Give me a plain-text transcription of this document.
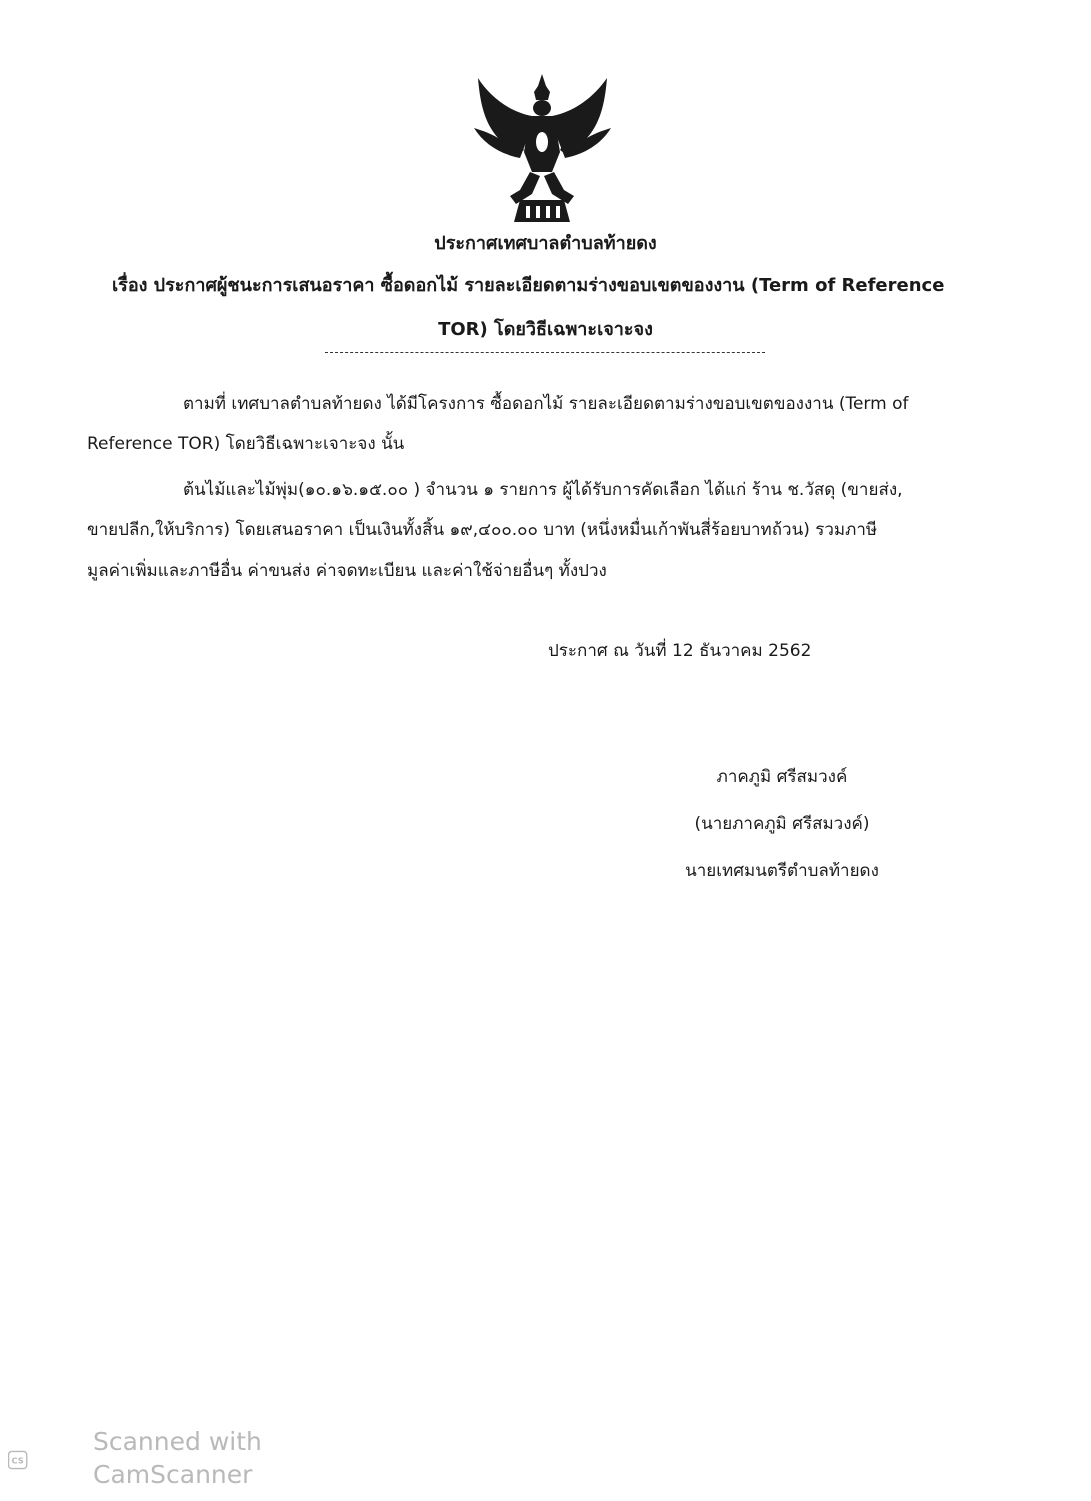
ประกาศเทศบาลตำบลท้ายดง
เรื่อง ประกาศผู้ชนะการเสนอราคา ซื้อดอกไม้ รายละเอียดตามร่างขอบเขตของงาน (Term of Reference
TOR) โดยวิธีเฉพาะเจาะจง
ตามที่ เทศบาลตำบลท้ายดง ได้มีโครงการ ซื้อดอกไม้ รายละเอียดตามร่างขอบเขตของงาน (Term of
Reference TOR) โดยวิธีเฉพาะเจาะจง นั้น
ต้นไม้และไม้พุ่ม(๑๐.๑๖.๑๕.๐๐ ) จำนวน ๑ รายการ ผู้ได้รับการคัดเลือก ได้แก่ ร้าน ช.วัสดุ (ขายส่ง,
ขายปลีก,ให้บริการ) โดยเสนอราคา เป็นเงินทั้งสิ้น ๑๙,๔๐๐.๐๐ บาท (หนึ่งหมื่นเก้าพันสี่ร้อยบาทถ้วน) รวมภาษี
มูลค่าเพิ่มและภาษีอื่น ค่าขนส่ง ค่าจดทะเบียน และค่าใช้จ่ายอื่นๆ ทั้งปวง
ประกาศ ณ วันที่ 12 ธันวาคม 2562
ภาคภูมิ ศรีสมวงค์
(นายภาคภูมิ ศรีสมวงค์)
นายเทศมนตรีตำบลท้ายดง
CS
Scanned with
CamScanner
